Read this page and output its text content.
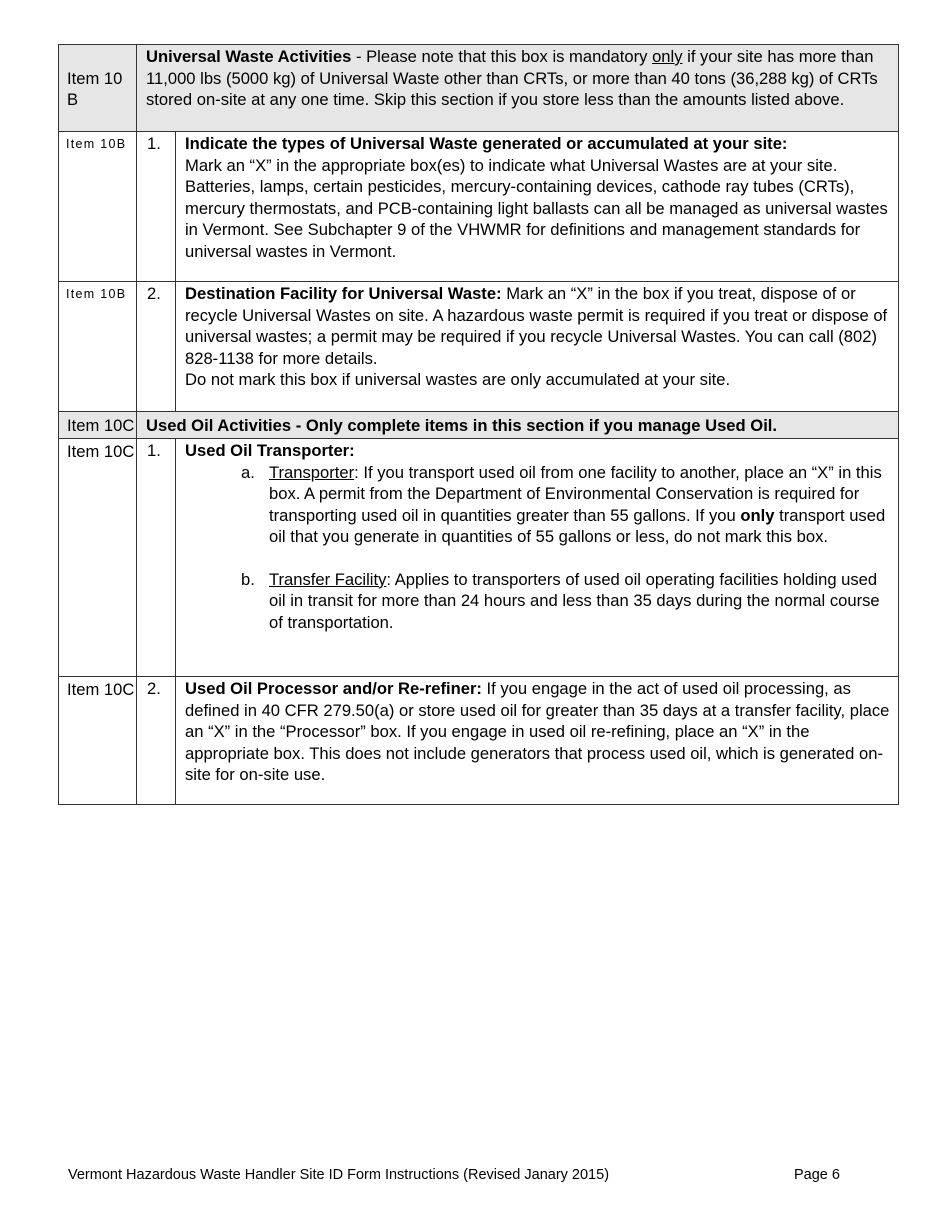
Item 10 B	Universal Waste Activities - Please note that this box is mandatory only if your site has more than 11,000 lbs (5000 kg) of Universal Waste other than CRTs, or more than 40 tons (36,288 kg) of CRTs stored on-site at any one time. Skip this section if you store less than the amounts listed above.	

Item 10B	1.	Indicate the types of Universal Waste generated or accumulated at your site:

Mark an “X” in the appropriate box(es) to indicate what Universal Wastes are at your site. Batteries, lamps, certain pesticides, mercury-containing devices, cathode ray tubes (CRTs), mercury thermostats, and PCB-containing light ballasts can all be managed as universal wastes in Vermont. See Subchapter 9 of the VHWMR for definitions and management standards for universal wastes in Vermont.

Item 10B	2.	Destination Facility for Universal Waste: Mark an “X” in the box if you treat, dispose of or recycle Universal Wastes on site. A hazardous waste permit is required if you treat or dispose of universal wastes; a permit may be required if you recycle Universal Wastes. You can call (802) 828-1138 for more details.

Do not mark this box if universal wastes are only accumulated at your site.

Item 10C	Used Oil Activities - Only complete items in this section if you manage Used Oil.	

Item 10C	1.	Used Oil Transporter:

a. Transporter: If you transport used oil from one facility to another, place an “X” in this box. A permit from the Department of Environmental Conservation is required for transporting used oil in quantities greater than 55 gallons. If you only transport used oil that you generate in quantities of 55 gallons or less, do not mark this box.

b. Transfer Facility: Applies to transporters of used oil operating facilities holding used oil in transit for more than 24 hours and less than 35 days during the normal course of transportation.

Item 10C	2.	Used Oil Processor and/or Re-refiner: If you engage in the act of used oil processing, as defined in 40 CFR 279.50(a) or store used oil for greater than 35 days at a transfer facility, place an “X” in the “Processor” box. If you engage in used oil re-refining, place an “X” in the appropriate box. This does not include generators that process used oil, which is generated on-site for on-site use.

Vermont Hazardous Waste Handler Site ID Form Instructions (Revised Janary 2015)	Page 6
